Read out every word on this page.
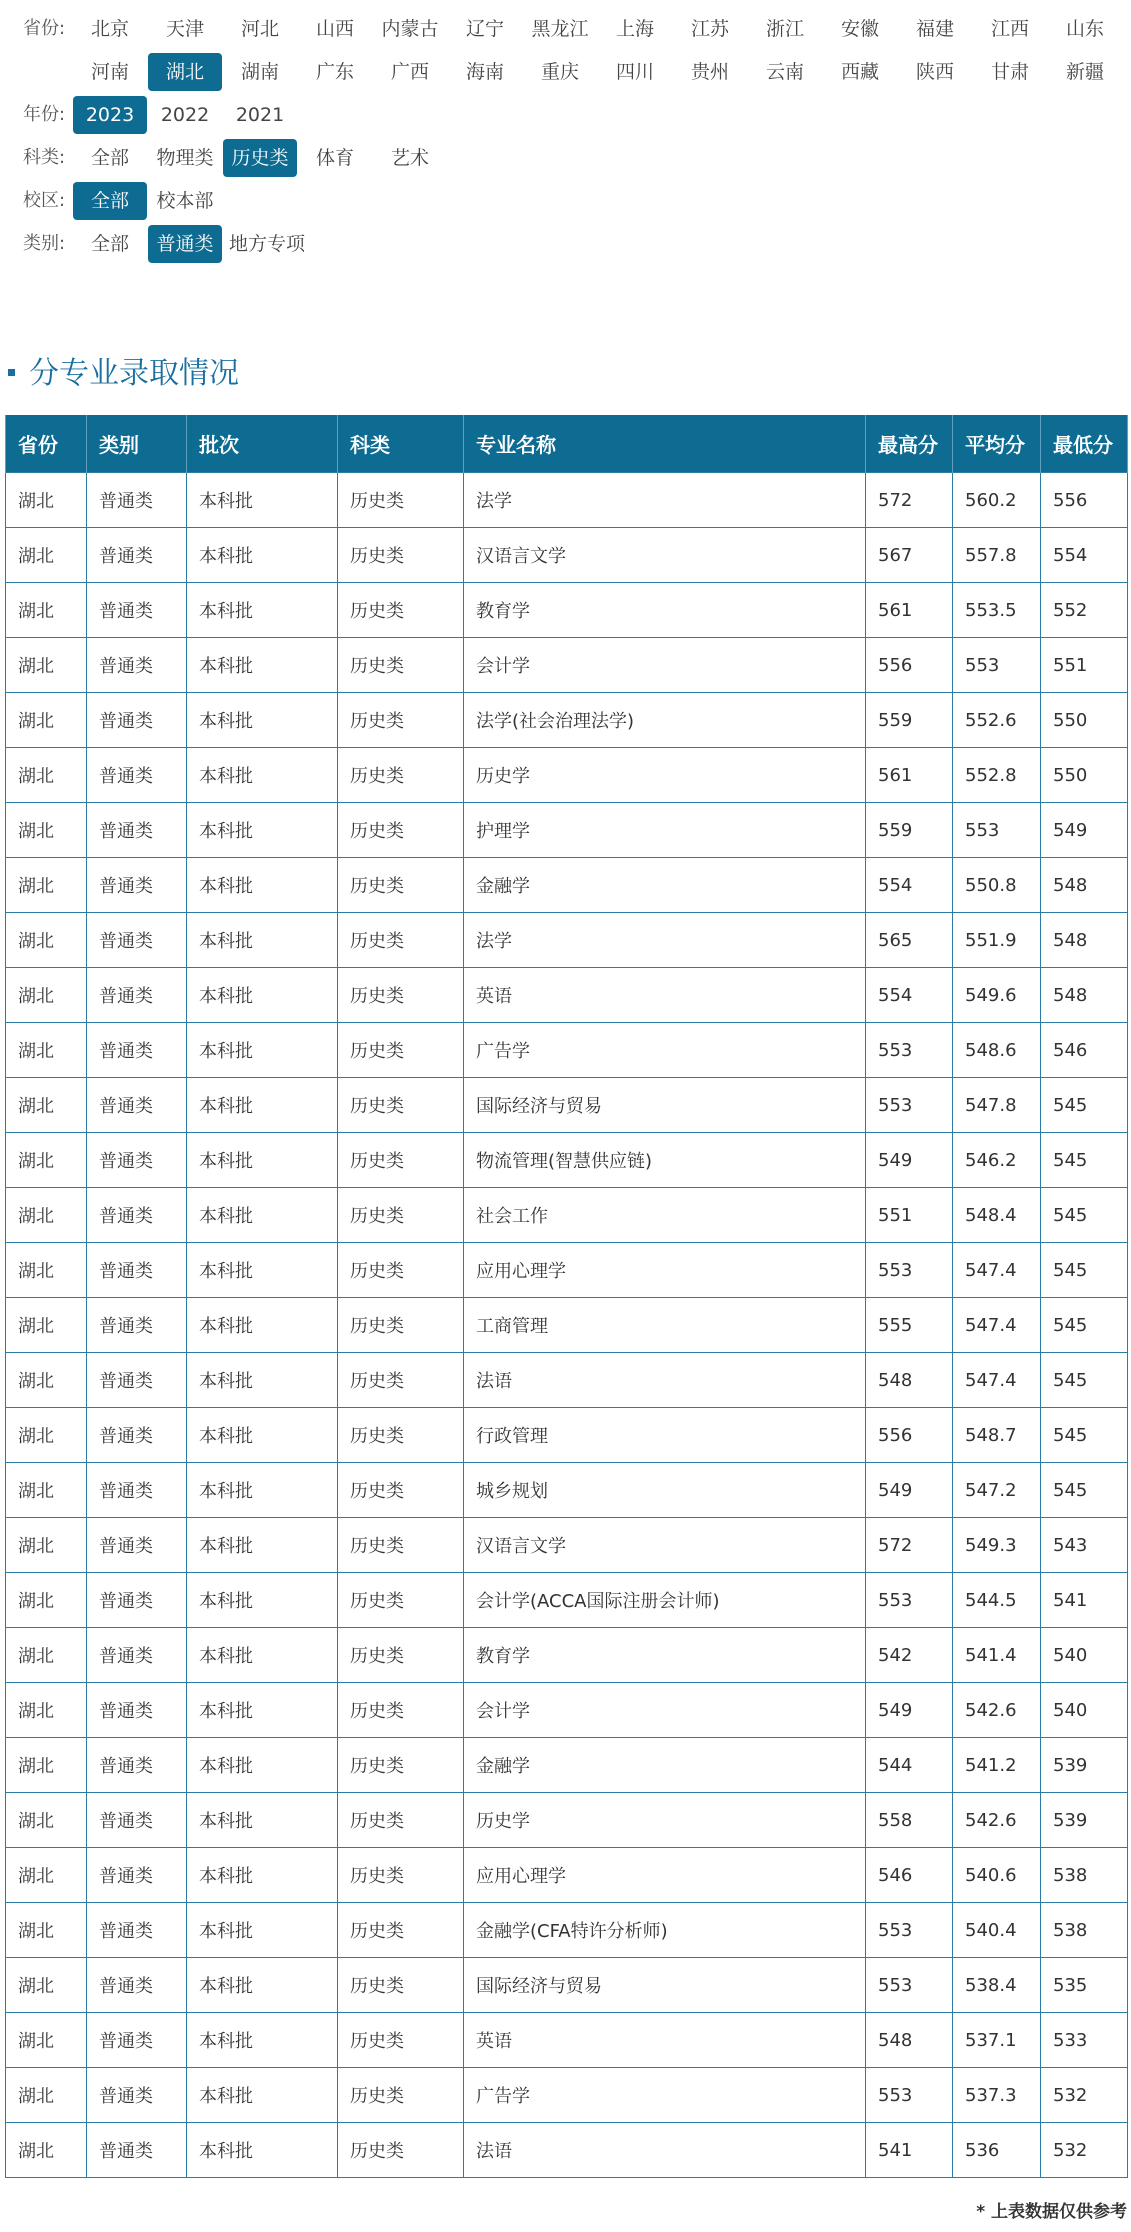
省份:	北京	天津	河北	山西	内蒙古	辽宁	黑龙江	上海	江苏	浙江	安徽	福建	江西	山东
河南	湖北	湖南	广东	广西	海南	重庆	四川	贵州	云南	西藏	陕西	甘肃	新疆
年份:	2023	2022	2021
科类:	全部	物理类 历史类	体育	艺术
校区:	全部	校本部
类别:	全部	普通类 地方专项
分专业录取情况
省份	类别	批次	科类	专业名称	最高分	平均分	最低分
湖北	普通类	本科批	历史类	法学	572	560.2	556
湖北	普通类	本科批	历史类	汉语言文学	567	557.8	554
湖北	普通类	本科批	历史类	教育学	561	553.5	552
湖北	普通类	本科批	历史类	会计学	556	553	551
湖北	普通类	本科批	历史类	法学(社会治理法学)	559	552.6	550
湖北	普通类	本科批	历史类	历史学	561	552.8	550
湖北	普通类	本科批	历史类	护理学	559	553	549
湖北	普通类	本科批	历史类	金融学	554	550.8	548
湖北	普通类	本科批	历史类	法学	565	551.9	548
湖北	普通类	本科批	历史类	英语	554	549.6	548
湖北	普通类	本科批	历史类	广告学	553	548.6	546
湖北	普通类	本科批	历史类	国际经济与贸易	553	547.8	545
湖北	普通类	本科批	历史类	物流管理(智慧供应链)	549	546.2	545
湖北	普通类	本科批	历史类	社会工作	551	548.4	545
湖北	普通类	本科批	历史类	应用心理学	553	547.4	545
湖北	普通类	本科批	历史类	工商管理	555	547.4	545
湖北	普通类	本科批	历史类	法语	548	547.4	545
湖北	普通类	本科批	历史类	行政管理	556	548.7	545
湖北	普通类	本科批	历史类	城乡规划	549	547.2	545
湖北	普通类	本科批	历史类	汉语言文学	572	549.3	543
湖北	普通类	本科批	历史类	会计学(ACCA国际注册会计师)	553	544.5	541
湖北	普通类	本科批	历史类	教育学	542	541.4	540
湖北	普通类	本科批	历史类	会计学	549	542.6	540
湖北	普通类	本科批	历史类	金融学	544	541.2	539
湖北	普通类	本科批	历史类	历史学	558	542.6	539
湖北	普通类	本科批	历史类	应用心理学	546	540.6	538
湖北	普通类	本科批	历史类	金融学(CFA特许分析师)	553	540.4	538
湖北	普通类	本科批	历史类	国际经济与贸易	553	538.4	535
湖北	普通类	本科批	历史类	英语	548	537.1	533
湖北	普通类	本科批	历史类	广告学	553	537.3	532
湖北	普通类	本科批	历史类	法语	541	536	532
* 上表数据仅供参考
